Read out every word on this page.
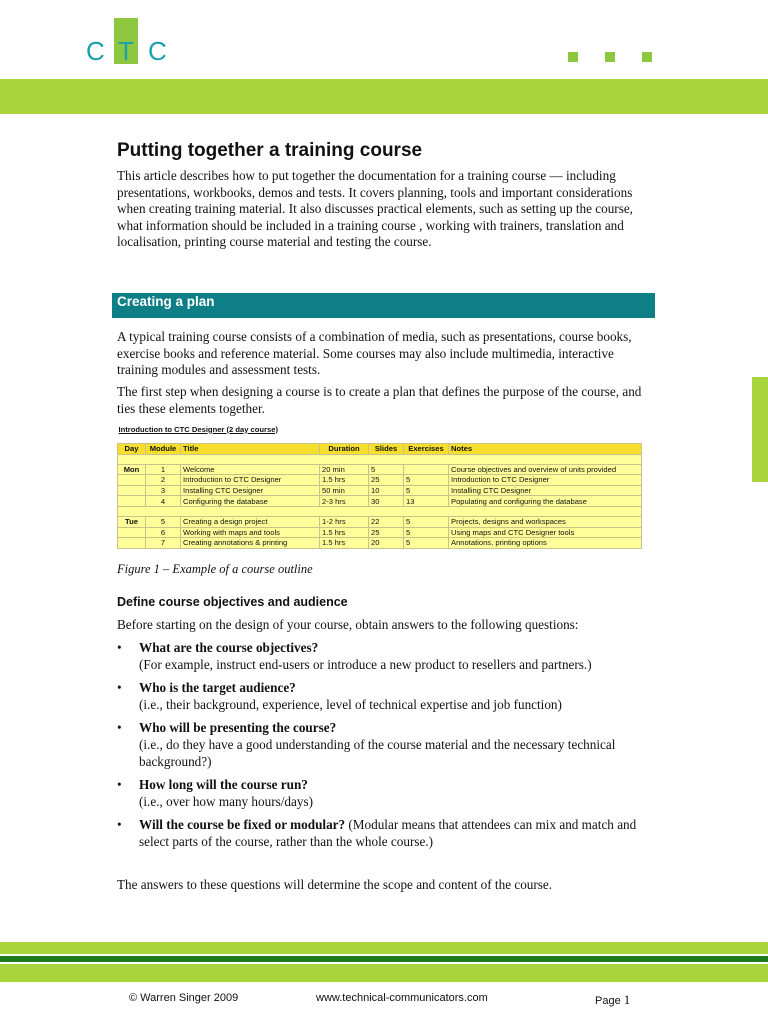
C T C
Putting together a training course
This article describes how to put together the documentation for a training course — including presentations, workbooks, demos and tests. It covers planning, tools and important considerations when creating training material. It also discusses practical elements, such as setting up the course, what information should be included in a training course , working with trainers, translation and localisation, printing course material and testing the course.
Creating a plan
A typical training course consists of a combination of media, such as presentations, course books, exercise books and reference material. Some courses may also include multimedia, interactive training modules and assessment tests.
The first step when designing a course is to create a plan that defines the purpose of the course, and ties these elements together.
Introduction to CTC Designer (2 day course)						

Day	Module	Title	Duration	Slides	Exercises	Notes

Mon	1	Welcome	20 min	5		Course objectives and overview of units provided
	2	Introduction to CTC Designer	1.5 hrs	25	5	Introduction to CTC Designer
	3	Installing CTC Designer	50 min	10	5	Installing CTC Designer
	4	Configuring the database	2-3 hrs	30	13	Populating and configuring the database

Tue	5	Creating a design project	1-2 hrs	22	5	Projects, designs and workspaces
	6	Working with maps and tools	1.5 hrs	25	5	Using maps and CTC Designer tools
	7	Creating annotations & printing	1.5 hrs	20	5	Annotations, printing options
Figure 1 – Example of a course outline
Define course objectives and audience
Before starting on the design of your course, obtain answers to the following questions:
• What are the course objectives?
(For example, instruct end-users or introduce a new product to resellers and partners.)
• Who is the target audience?
(i.e., their background, experience, level of technical expertise and job function)
• Who will be presenting the course?
(i.e., do they have a good understanding of the course material and the necessary technical background?)
• How long will the course run?
(i.e., over how many hours/days)
• Will the course be fixed or modular? (Modular means that attendees can mix and match and select parts of the course, rather than the whole course.)
The answers to these questions will determine the scope and content of the course.
© Warren Singer 2009	www.technical-communicators.com	Page 1
